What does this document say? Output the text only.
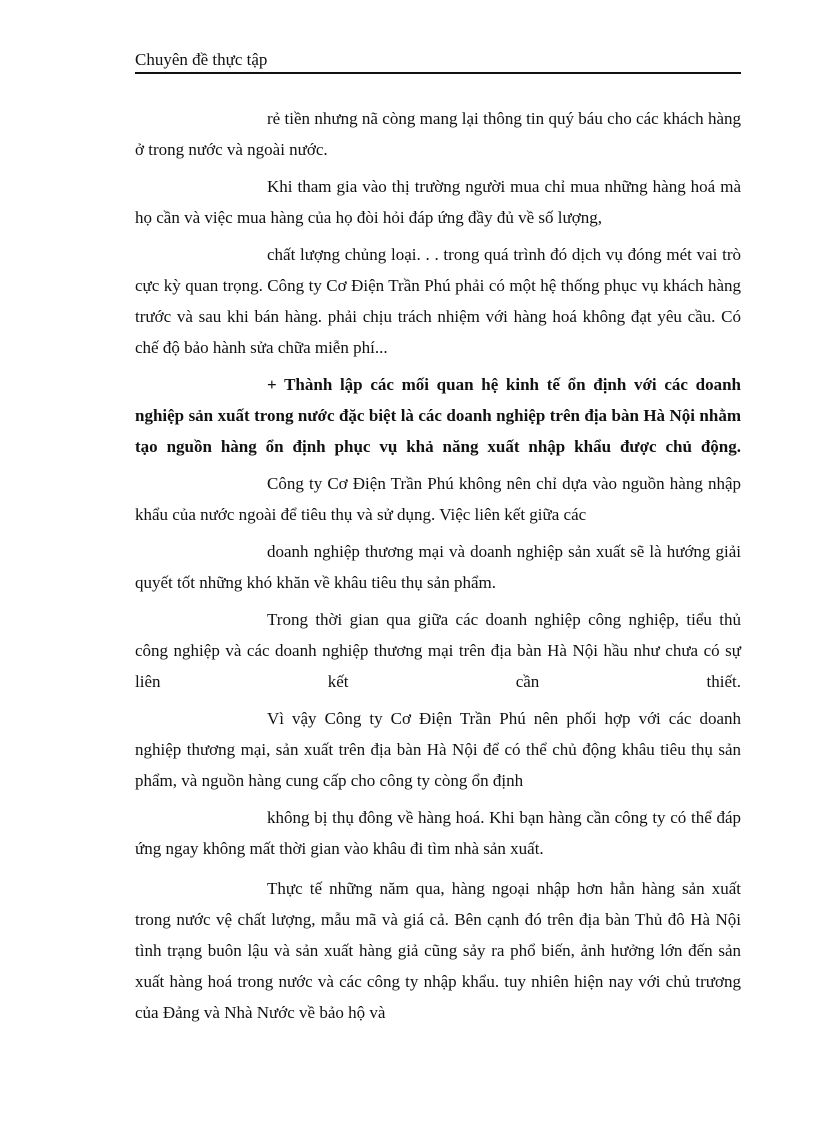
Chuyên đề thực tập
rẻ tiền nhưng nã còng mang lại thông tin quý báu cho các khách hàng ở trong nước và ngoài nước.
Khi tham gia vào thị trường người mua chỉ mua những hàng hoá mà họ cần và việc mua hàng của họ đòi hỏi đáp ứng đầy đủ về số lượng,
chất lượng chủng loại. . . trong quá trình đó dịch vụ đóng mét vai trò cực kỳ quan trọng. Công ty Cơ Điện Trần Phú phải có một hệ thống phục vụ khách hàng trước và sau khi bán hàng. phải chịu trách nhiệm với hàng hoá không đạt yêu cầu. Có chế độ bảo hành sửa chữa miễn phí...
+ Thành lập các mối quan hệ kinh tế ổn định với các doanh nghiệp sản xuất trong nước đặc biệt là các doanh nghiệp trên địa bàn Hà Nội nhằm tạo nguồn hàng ổn định phục vụ khả năng xuất nhập khẩu được chủ động.
Công ty Cơ Điện Trần Phú không nên chỉ dựa vào nguồn hàng nhập khẩu của nước ngoài để tiêu thụ và sử dụng. Việc liên kết giữa các
doanh nghiệp thương mại và doanh nghiệp sản xuất sẽ là hướng giải quyết tốt những khó khăn về khâu tiêu thụ sản phẩm.
Trong thời gian qua giữa các doanh nghiệp công nghiệp, tiểu thủ công nghiệp và các doanh nghiệp thương mại trên địa bàn Hà Nội hầu như chưa có sự liên kết cần thiết.
Vì vậy Công ty Cơ Điện Trần Phú nên phối hợp với các doanh nghiệp thương mại, sản xuất trên địa bàn Hà Nội để có thể chủ động khâu tiêu thụ sản phẩm, và nguồn hàng cung cấp cho công ty còng ổn định
không bị thụ đông về hàng hoá. Khi bạn hàng cần công ty có thể đáp ứng ngay không mất thời gian vào khâu đi tìm nhà sản xuất.
Thực tế những năm qua, hàng ngoại nhập hơn hẳn hàng sản xuất trong nước vệ chất lượng, mẫu mã và giá cả. Bên cạnh đó trên địa bàn Thủ đô Hà Nội tình trạng buôn lậu và sản xuất hàng giả cũng sảy ra phổ biến, ảnh hưởng lớn đến sản xuất hàng hoá trong nước và các công ty nhập khẩu. tuy nhiên hiện nay với chủ trương của Đảng và Nhà Nước về bảo hộ và
